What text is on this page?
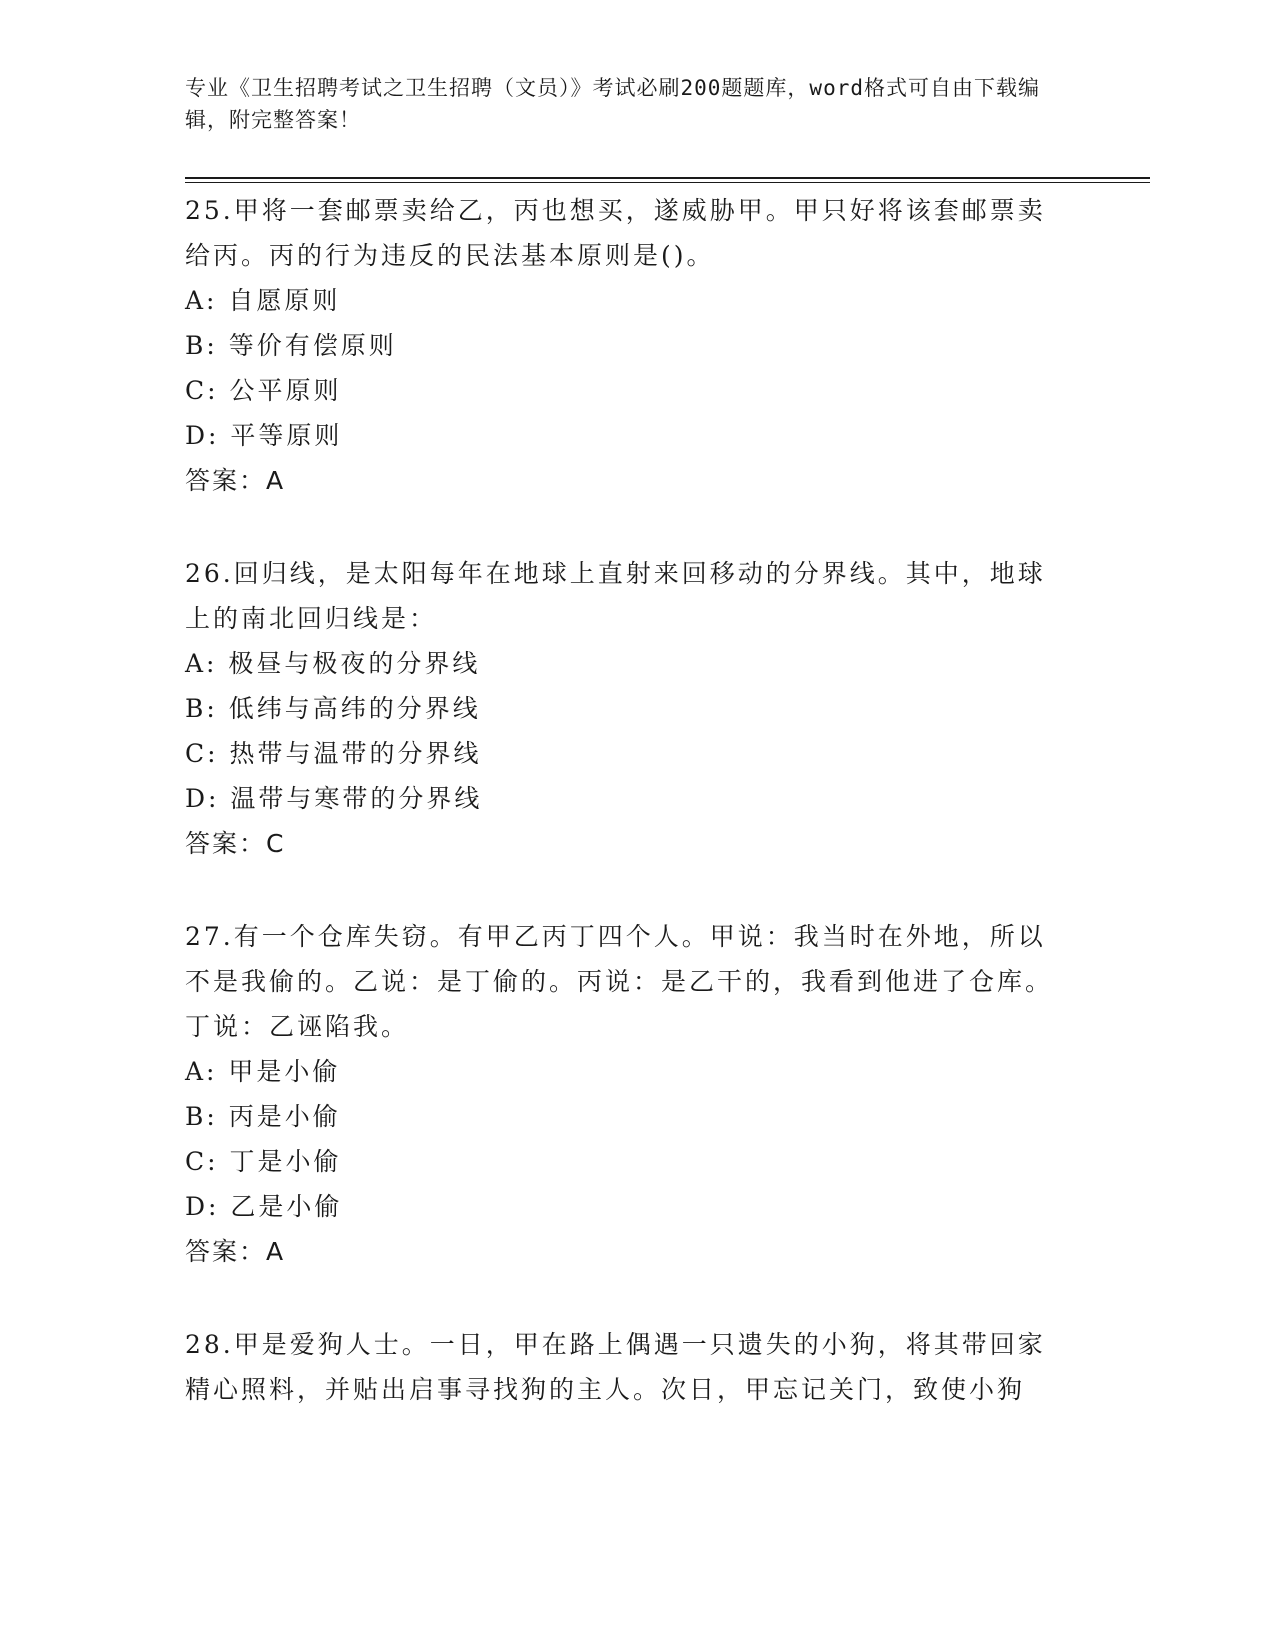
专业《卫生招聘考试之卫生招聘（文员）》考试必刷200题题库，word格式可自由下载编辑，附完整答案！
25.甲将一套邮票卖给乙，丙也想买，遂威胁甲。甲只好将该套邮票卖给丙。丙的行为违反的民法基本原则是()。
A: 自愿原则
B: 等价有偿原则
C: 公平原则
D: 平等原则
答案：A
26.回归线，是太阳每年在地球上直射来回移动的分界线。其中，地球上的南北回归线是：
A: 极昼与极夜的分界线
B: 低纬与高纬的分界线
C: 热带与温带的分界线
D: 温带与寒带的分界线
答案：C
27.有一个仓库失窃。有甲乙丙丁四个人。甲说：我当时在外地，所以不是我偷的。乙说：是丁偷的。丙说：是乙干的，我看到他进了仓库。丁说：乙诬陷我。
A: 甲是小偷
B: 丙是小偷
C: 丁是小偷
D: 乙是小偷
答案：A
28.甲是爱狗人士。一日，甲在路上偶遇一只遗失的小狗，将其带回家精心照料，并贴出启事寻找狗的主人。次日，甲忘记关门，致使小狗
